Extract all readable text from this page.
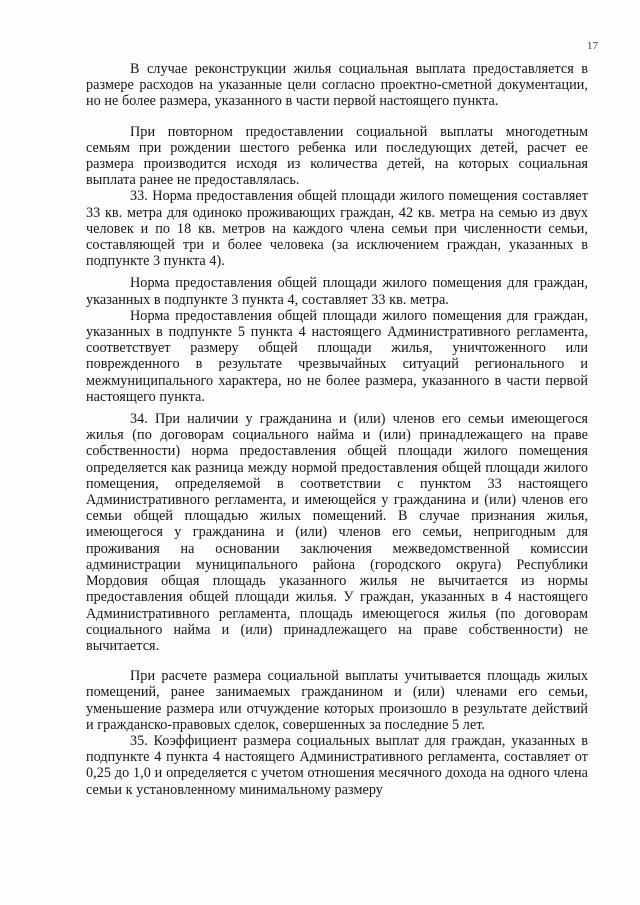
17

В случае реконструкции жилья социальная выплата предоставляется в размере расходов на указанные цели согласно проектно-сметной документации, но не более размера, указанного в части первой настоящего пункта.

При повторном предоставлении социальной выплаты многодетным семьям при рождении шестого ребенка или последующих детей, расчет ее размера производится исходя из количества детей, на которых социальная выплата ранее не предоставлялась.

33. Норма предоставления общей площади жилого помещения составляет 33 кв. метра для одиноко проживающих граждан, 42 кв. метра на семью из двух человек и по 18 кв. метров на каждого члена семьи при численности семьи, составляющей три и более человека (за исключением граждан, указанных в подпункте 3 пункта 4).

Норма предоставления общей площади жилого помещения для граждан, указанных в подпункте 3 пункта 4, составляет 33 кв. метра.

Норма предоставления общей площади жилого помещения для граждан, указанных в подпункте 5 пункта 4 настоящего Административного регламента, соответствует размеру общей площади жилья, уничтоженного или поврежденного в результате чрезвычайных ситуаций регионального и межмуниципального характера, но не более размера, указанного в части первой настоящего пункта.

34. При наличии у гражданина и (или) членов его семьи имеющегося жилья (по договорам социального найма и (или) принадлежащего на праве собственности) норма предоставления общей площади жилого помещения определяется как разница между нормой предоставления общей площади жилого помещения, определяемой в соответствии с пунктом 33 настоящего Административного регламента, и имеющейся у гражданина и (или) членов его семьи общей площадью жилых помещений. В случае признания жилья, имеющегося у гражданина и (или) членов его семьи, непригодным для проживания на основании заключения межведомственной комиссии администрации муниципального района (городского округа) Республики Мордовия общая площадь указанного жилья не вычитается из нормы предоставления общей площади жилья. У граждан, указанных в 4 настоящего Административного регламента, площадь имеющегося жилья (по договорам социального найма и (или) принадлежащего на праве собственности) не вычитается.

При расчете размера социальной выплаты учитывается площадь жилых помещений, ранее занимаемых гражданином и (или) членами его семьи, уменьшение размера или отчуждение которых произошло в результате действий и гражданско-правовых сделок, совершенных за последние 5 лет.

35. Коэффициент размера социальных выплат для граждан, указанных в подпункте 4 пункта 4 настоящего Административного регламента, составляет от 0,25 до 1,0 и определяется с учетом отношения месячного дохода на одного члена семьи к установленному минимальному размеру
